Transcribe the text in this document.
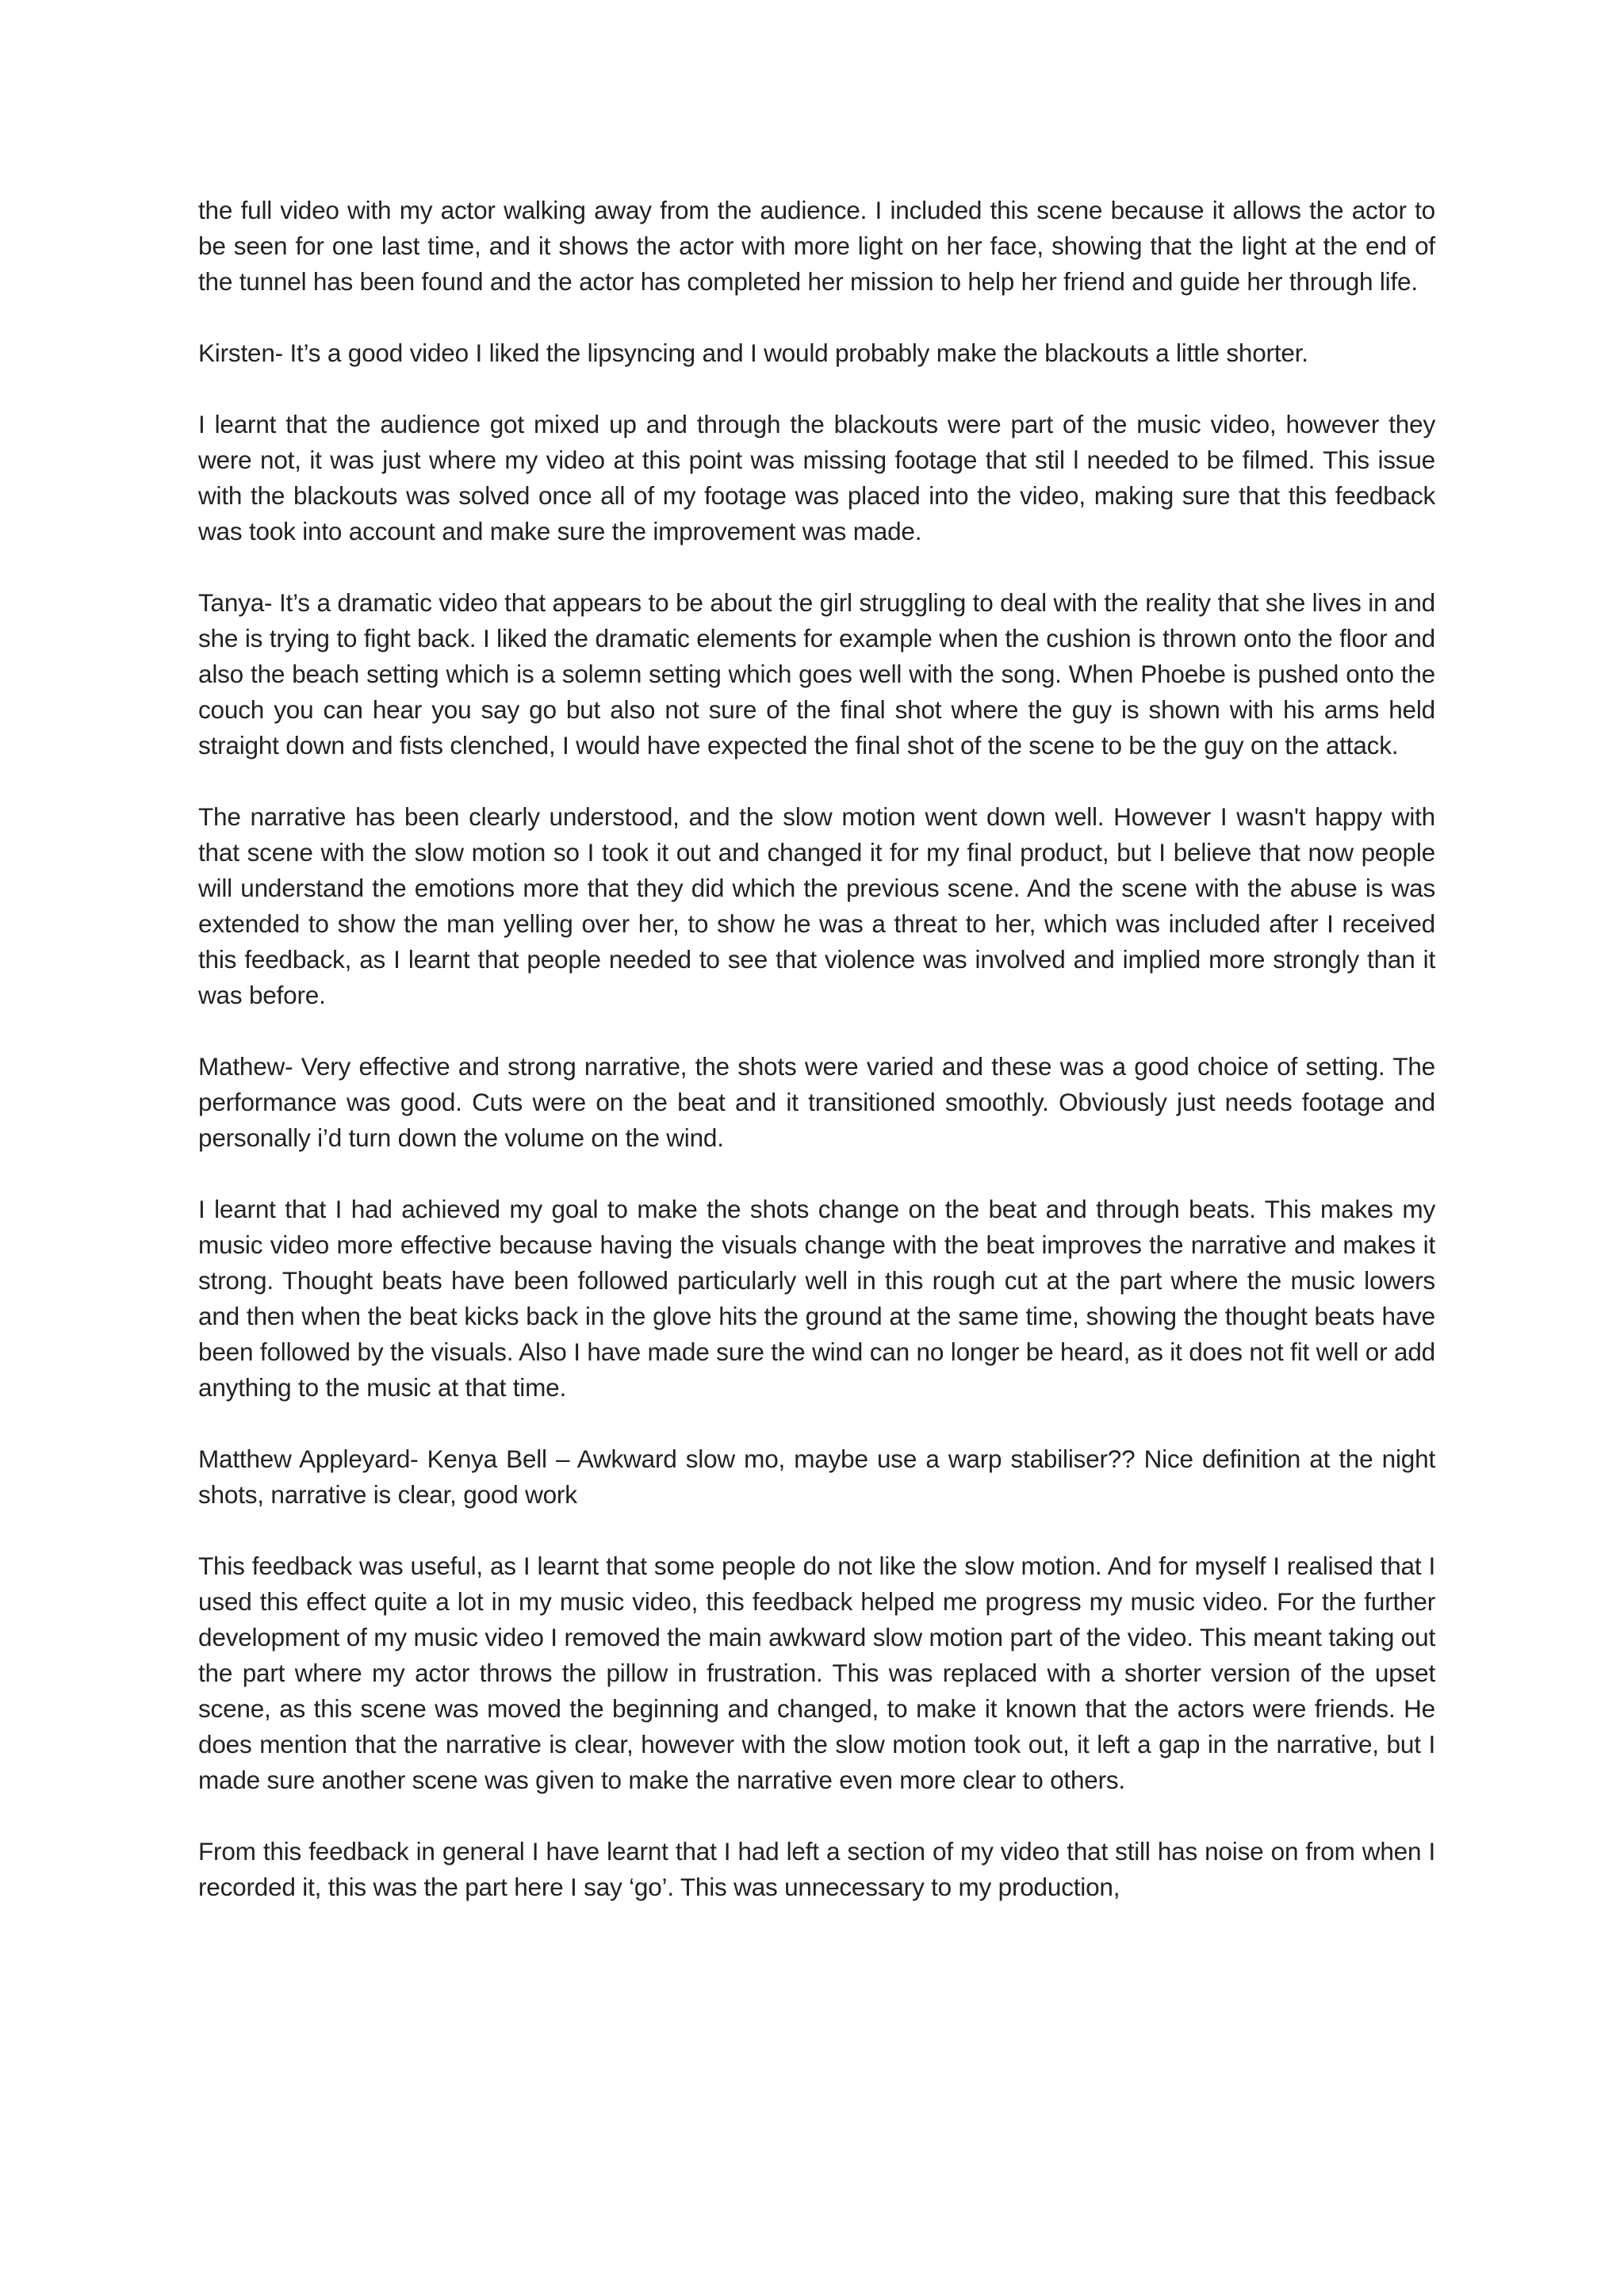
the full video with my actor walking away from the audience. I included this scene because it allows the actor to be seen for one last time, and it shows the actor with more light on her face, showing that the light at the end of the tunnel has been found and the actor has completed her mission to help her friend and guide her through life.

Kirsten- It’s a good video I liked the lipsyncing and I would probably make the blackouts a little shorter.

I learnt that the audience got mixed up and through the blackouts were part of the music video, however they were not, it was just where my video at this point was missing footage that stil l needed to be filmed. This issue with the blackouts was solved once all of my footage was placed into the video, making sure that this feedback was took into account and make sure the improvement was made.

Tanya- It’s a dramatic video that appears to be about the girl struggling to deal with the reality that she lives in and she is trying to fight back. I liked the dramatic elements for example when the cushion is thrown onto the floor and also the beach setting which is a solemn setting which goes well with the song. When Phoebe is pushed onto the couch you can hear you say go but also not sure of the final shot where the guy is shown with his arms held straight down and fists clenched, I would have expected the final shot of the scene to be the guy on the attack.

The narrative has been clearly understood, and the slow motion went down well. However I wasn't happy with that scene with the slow motion so I took it out and changed it for my final product, but I believe that now people will understand the emotions more that they did which the previous scene. And the scene with the abuse is was extended to show the man yelling over her, to show he was a threat to her, which was included after I received this feedback, as I learnt that people needed to see that violence was involved and implied more strongly than it was before.

Mathew- Very effective and strong narrative, the shots were varied and these was a good choice of setting. The performance was good. Cuts were on the beat and it transitioned smoothly. Obviously just needs footage and personally i’d turn down the volume on the wind.

I learnt that I had achieved my goal to make the shots change on the beat and through beats. This makes my music video more effective because having the visuals change with the beat improves the narrative and makes it strong. Thought beats have been followed particularly well in this rough cut at the part where the music lowers and then when the beat kicks back in the glove hits the ground at the same time, showing the thought beats have been followed by the visuals. Also I have made sure the wind can no longer be heard, as it does not fit well or add anything to the music at that time.

Matthew Appleyard- Kenya Bell – Awkward slow mo, maybe use a warp stabiliser?? Nice definition at the night shots, narrative is clear, good work

This feedback was useful, as I learnt that some people do not like the slow motion. And for myself I realised that I used this effect quite a lot in my music video, this feedback helped me progress my music video. For the further development of my music video I removed the main awkward slow motion part of the video. This meant taking out the part where my actor throws the pillow in frustration. This was replaced with a shorter version of the upset scene, as this scene was moved the beginning and changed, to make it known that the actors were friends. He does mention that the narrative is clear, however with the slow motion took out, it left a gap in the narrative, but I made sure another scene was given to make the narrative even more clear to others.

From this feedback in general I have learnt that I had left a section of my video that still has noise on from when I recorded it, this was the part here I say ‘go’. This was unnecessary to my production,
